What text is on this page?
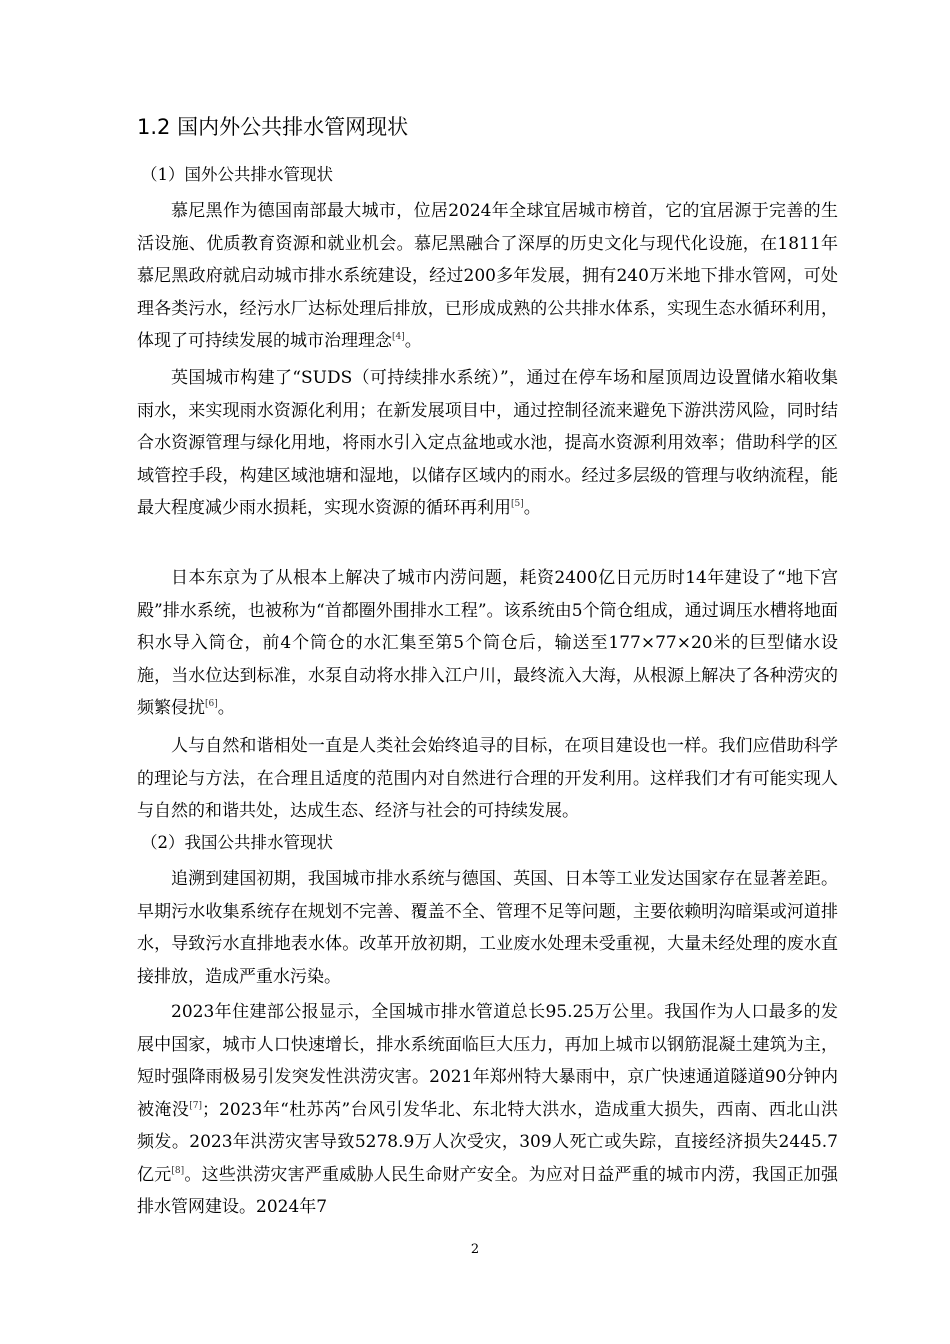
1.2 国内外公共排水管网现状
（1）国外公共排水管现状

慕尼黑作为德国南部最大城市，位居2024年全球宜居城市榜首，它的宜居源于完善的生活设施、优质教育资源和就业机会。慕尼黑融合了深厚的历史文化与现代化设施，在1811年慕尼黑政府就启动城市排水系统建设，经过200多年发展，拥有240万米地下排水管网，可处理各类污水，经污水厂达标处理后排放，已形成成熟的公共排水体系，实现生态水循环利用，体现了可持续发展的城市治理理念[4]。

英国城市构建了“SUDS（可持续排水系统）”，通过在停车场和屋顶周边设置储水箱收集雨水，来实现雨水资源化利用；在新发展项目中，通过控制径流来避免下游洪涝风险，同时结合水资源管理与绿化用地，将雨水引入定点盆地或水池，提高水资源利用效率；借助科学的区域管控手段，构建区域池塘和湿地，以储存区域内的雨水。经过多层级的管理与收纳流程，能最大程度减少雨水损耗，实现水资源的循环再利用[5]。

日本东京为了从根本上解决了城市内涝问题，耗资2400亿日元历时14年建设了“地下宫殿”排水系统，也被称为“首都圈外围排水工程”。该系统由5个筒仓组成，通过调压水槽将地面积水导入筒仓，前4个筒仓的水汇集至第5个筒仓后，输送至177×77×20米的巨型储水设施，当水位达到标准，水泵自动将水排入江户川，最终流入大海，从根源上解决了各种涝灾的频繁侵扰[6]。

人与自然和谐相处一直是人类社会始终追寻的目标，在项目建设也一样。我们应借助科学的理论与方法，在合理且适度的范围内对自然进行合理的开发利用。这样我们才有可能实现人与自然的和谐共处，达成生态、经济与社会的可持续发展。

（2）我国公共排水管现状

追溯到建国初期，我国城市排水系统与德国、英国、日本等工业发达国家存在显著差距。早期污水收集系统存在规划不完善、覆盖不全、管理不足等问题，主要依赖明沟暗渠或河道排水，导致污水直排地表水体。改革开放初期，工业废水处理未受重视，大量未经处理的废水直接排放，造成严重水污染。

2023年住建部公报显示，全国城市排水管道总长95.25万公里。我国作为人口最多的发展中国家，城市人口快速增长，排水系统面临巨大压力，再加上城市以钢筋混凝土建筑为主，短时强降雨极易引发突发性洪涝灾害。2021年郑州特大暴雨中，京广快速通道隧道90分钟内被淹没[7]；2023年“杜苏芮”台风引发华北、东北特大洪水，造成重大损失，西南、西北山洪频发。2023年洪涝灾害导致5278.9万人次受灾，309人死亡或失踪，直接经济损失2445.7亿元[8]。这些洪涝灾害严重威胁人民生命财产安全。为应对日益严重的城市内涝，我国正加强排水管网建设。2024年7

2
